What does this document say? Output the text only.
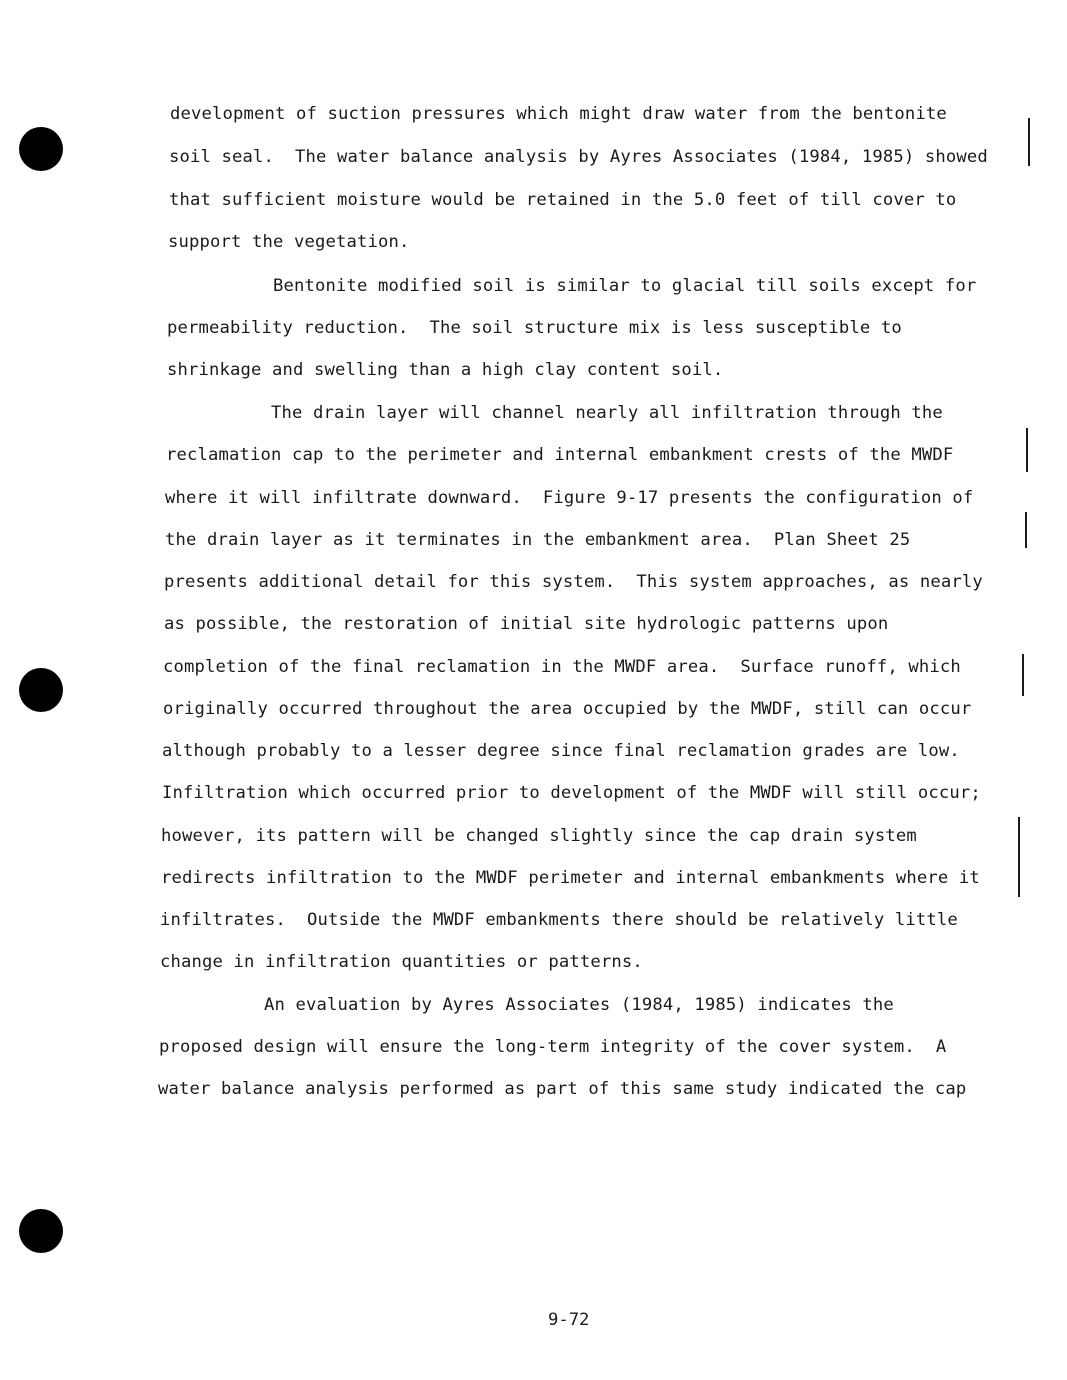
development of suction pressures which might draw water from the bentonite
soil seal.  The water balance analysis by Ayres Associates (1984, 1985) showed
that sufficient moisture would be retained in the 5.0 feet of till cover to
support the vegetation.
Bentonite modified soil is similar to glacial till soils except for
permeability reduction.  The soil structure mix is less susceptible to
shrinkage and swelling than a high clay content soil.
The drain layer will channel nearly all infiltration through the
reclamation cap to the perimeter and internal embankment crests of the MWDF
where it will infiltrate downward.  Figure 9-17 presents the configuration of
the drain layer as it terminates in the embankment area.  Plan Sheet 25
presents additional detail for this system.  This system approaches, as nearly
as possible, the restoration of initial site hydrologic patterns upon
completion of the final reclamation in the MWDF area.  Surface runoff, which
originally occurred throughout the area occupied by the MWDF, still can occur
although probably to a lesser degree since final reclamation grades are low.
Infiltration which occurred prior to development of the MWDF will still occur;
however, its pattern will be changed slightly since the cap drain system
redirects infiltration to the MWDF perimeter and internal embankments where it
infiltrates.  Outside the MWDF embankments there should be relatively little
change in infiltration quantities or patterns.
An evaluation by Ayres Associates (1984, 1985) indicates the
proposed design will ensure the long-term integrity of the cover system.  A
water balance analysis performed as part of this same study indicated the cap
9-72
